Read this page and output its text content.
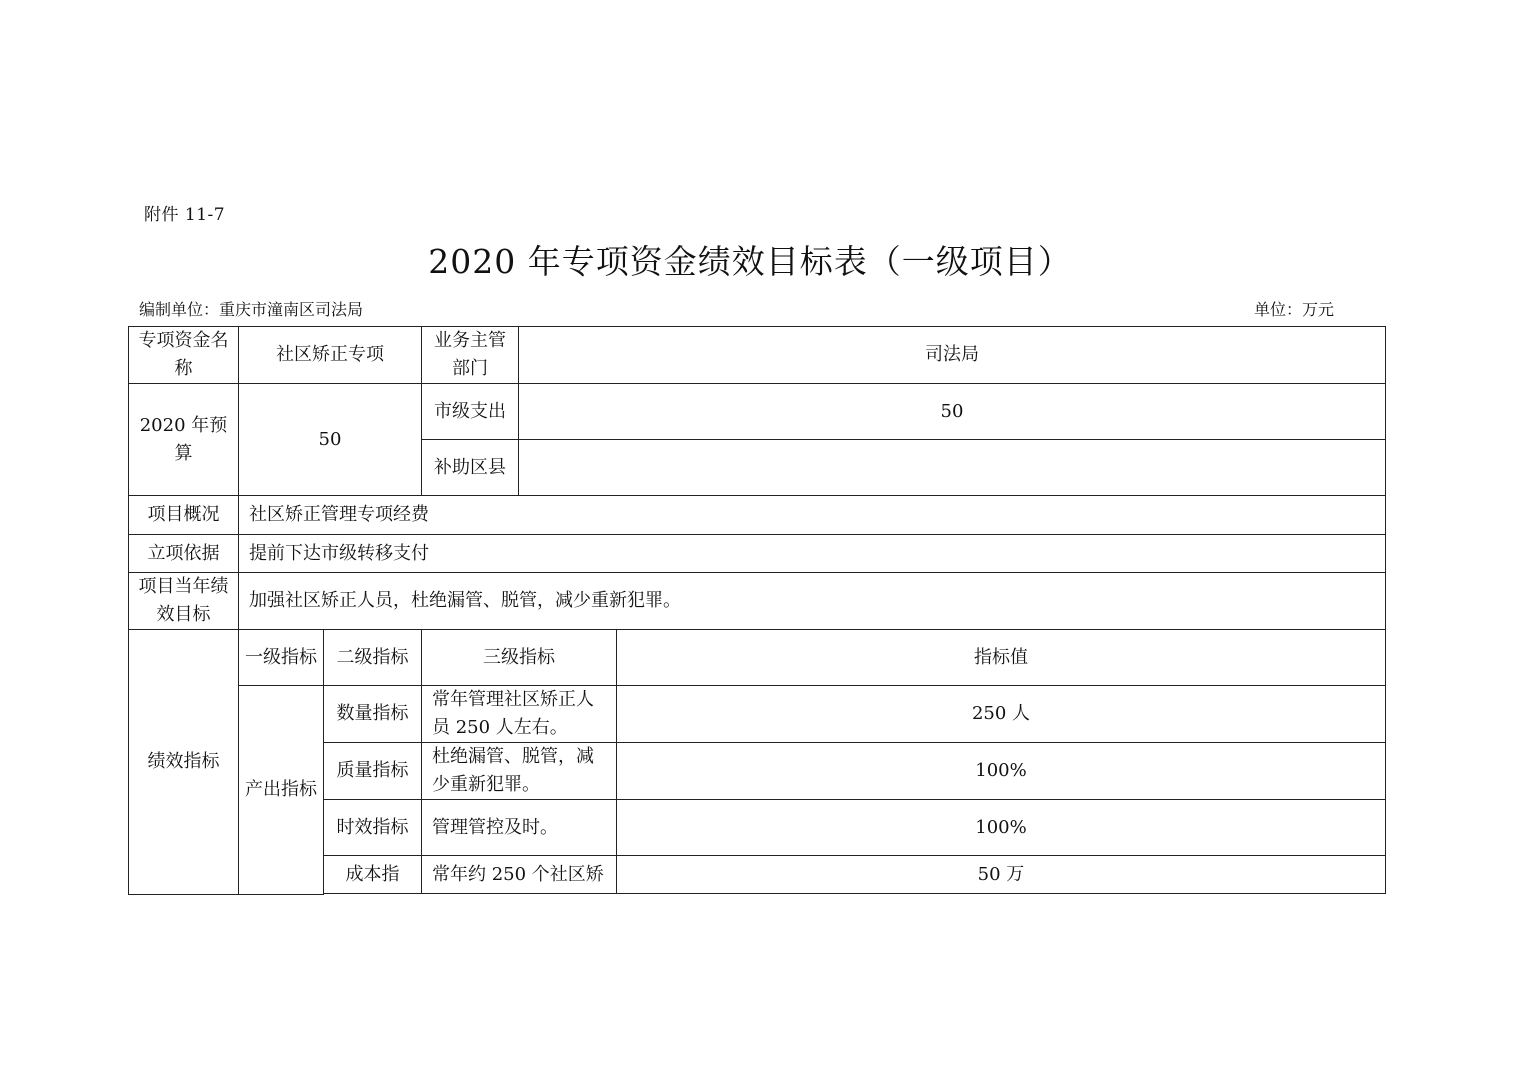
附件 11-7
2020 年专项资金绩效目标表（一级项目）
编制单位：重庆市潼南区司法局	单位：万元
专项资金名称	社区矫正专项		业务主管部门	司法局		
2020 年预算	50		市级支出	50		
			补助区县			
项目概况	社区矫正管理专项经费					
立项依据	提前下达市级转移支付					
项目当年绩效目标	加强社区矫正人员，杜绝漏管、脱管，减少重新犯罪。					
绩效指标	一级指标	二级指标	三级指标		指标值	
	产出指标	数量指标	常年管理社区矫正人员 250 人左右。		250 人	
		质量指标	杜绝漏管、脱管，减少重新犯罪。		100%	
		时效指标	管理管控及时。		100%	
		成本指	常年约 250 个社区矫		50 万	
